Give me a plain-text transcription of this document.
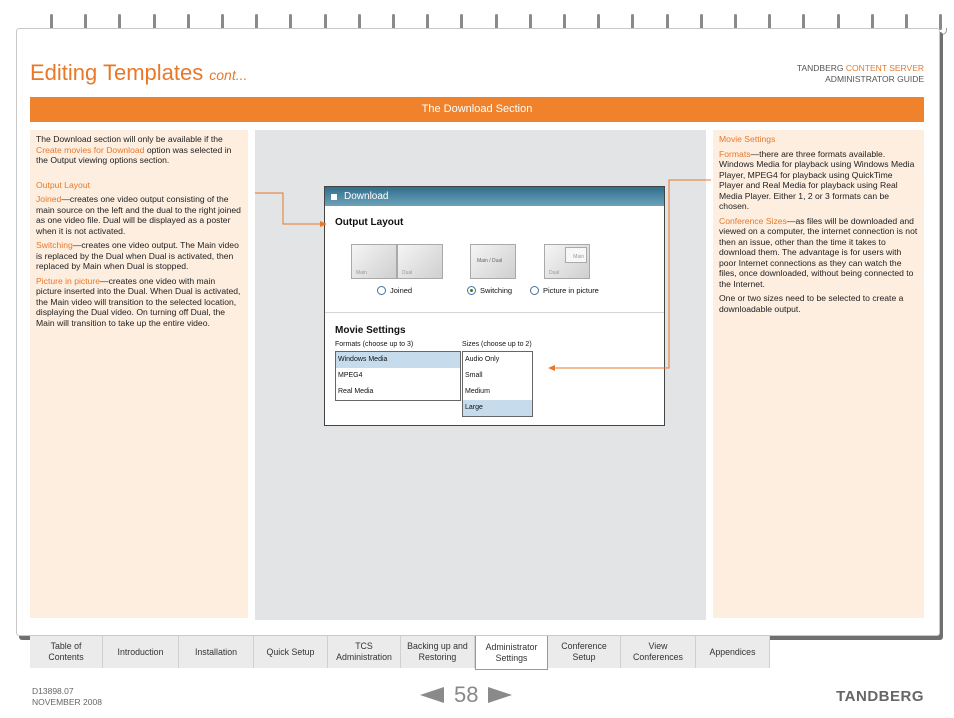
Editing Templates cont...	TANDBERG CONTENT SERVER
ADMINISTRATOR GUIDE
The Download Section

The Download section will only be available if the Create movies for Download option was selected in the Output viewing options section.

Output Layout

Joined—creates one video output consisting of the main source on the left and the dual to the right joined as one video file. Dual will be displayed as a poster when it is not activated.

Switching—creates one video output. The Main video is replaced by the Dual when Dual is activated, then replaced by Main when Dual is stopped.

Picture in picture—creates one video with main picture inserted into the Dual. When Dual is activated, the Main video will transition to the selected location, displaying the Dual video. On turning off Dual, the Main will transition to take up the entire video.

Download
Output Layout
Main	Dual
Main / Dual
Main
Dual
Joined	Switching	Picture in picture
Movie Settings
Formats (choose up to 3)
Windows Media
MPEG4
Real Media
Sizes (choose up to 2)
Audio Only
Small
Medium
Large
Movie Settings

Formats—there are three formats available. Windows Media for playback using Windows Media Player, MPEG4 for playback using QuickTime Player and Real Media for playback using Real Media Player. Either 1, 2 or 3 formats can be chosen.

Conference Sizes—as files will be downloaded and viewed on a computer, the internet connection is not then an issue, other than the time it takes to download them. The advantage is for users with poor Internet connections as they can watch the files, once downloaded, without being connected to the Internet.

One or two sizes need to be selected to create a downloadable output.

Table of
Contents
Introduction	Installation	Quick Setup
TCS
Administration
Backing up and
Restoring
Administrator
Settings
Conference
Setup
View
Conferences
Appendices
D13898.07
NOVEMBER 2008	58	TANDBERG
